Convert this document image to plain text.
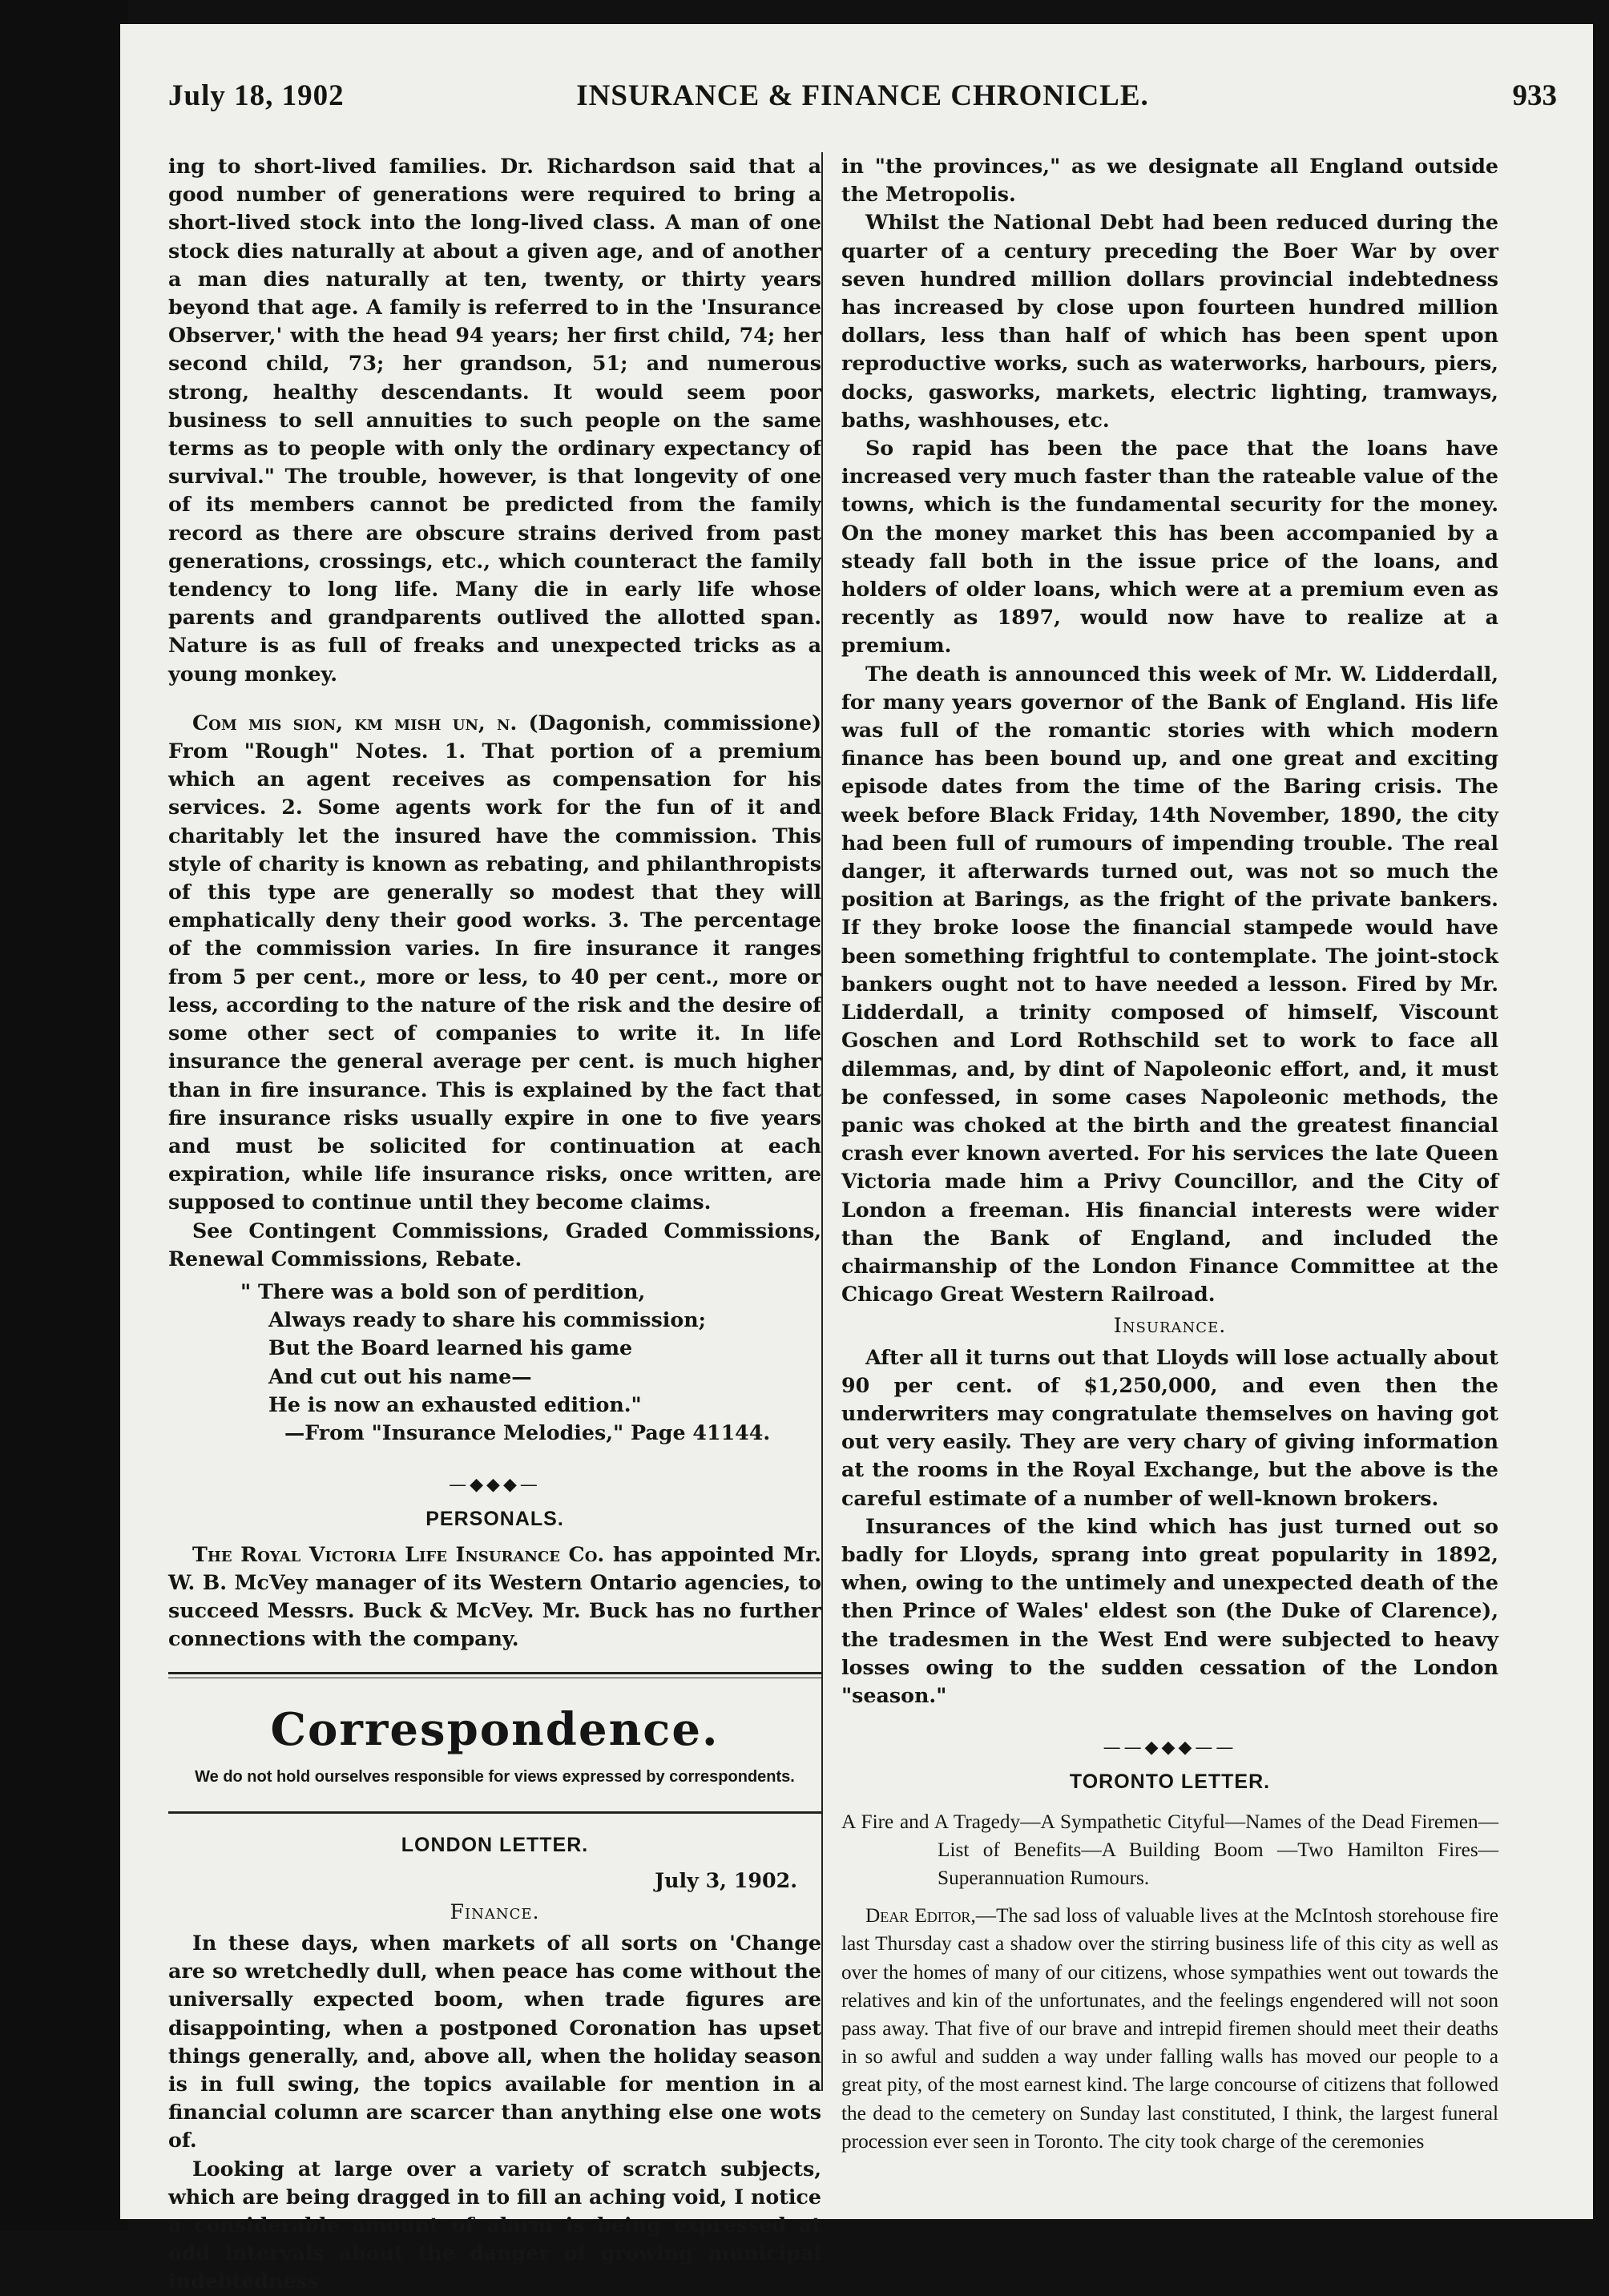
July 18, 1902	INSURANCE & FINANCE CHRONICLE.	933

ing to short-lived families. Dr. Richardson said that a good number of generations were required to bring a short-lived stock into the long-lived class. A man of one stock dies naturally at about a given age, and of another a man dies naturally at ten, twenty, or thirty years beyond that age. A family is referred to in the 'Insurance Observer,' with the head 94 years; her first child, 74; her second child, 73; her grandson, 51; and numerous strong, healthy descendants. It would seem poor business to sell annuities to such people on the same terms as to people with only the ordinary expectancy of survival." The trouble, however, is that longevity of one of its members cannot be predicted from the family record as there are obscure strains derived from past generations, crossings, etc., which counteract the family tendency to long life. Many die in early life whose parents and grandparents outlived the allotted span. Nature is as full of freaks and unexpected tricks as a young monkey.

Com mis sion, km mish un, n. (Dagonish, commissione) From "Rough" Notes. 1. That portion of a premium which an agent receives as compensation for his services. 2. Some agents work for the fun of it and charitably let the insured have the commission. This style of charity is known as rebating, and philanthropists of this type are generally so modest that they will emphatically deny their good works. 3. The percentage of the commission varies. In fire insurance it ranges from 5 per cent., more or less, to 40 per cent., more or less, according to the nature of the risk and the desire of some other sect of companies to write it. In life insurance the general average per cent. is much higher than in fire insurance. This is explained by the fact that fire insurance risks usually expire in one to five years and must be solicited for continuation at each expiration, while life insurance risks, once written, are supposed to continue until they become claims.

See Contingent Commissions, Graded Commissions, Renewal Commissions, Rebate.

" There was a bold son of perdition,
Always ready to share his commission;
But the Board learned his game
And cut out his name—
He is now an exhausted edition."
—From "Insurance Melodies," Page 41144.
—◆◆◆—
PERSONALS.

The Royal Victoria Life Insurance Co. has appointed Mr. W. B. McVey manager of its Western Ontario agencies, to succeed Messrs. Buck & McVey. Mr. Buck has no further connections with the company.

Correspondence.
We do not hold ourselves responsible for views expressed by correspondents.
LONDON LETTER.
July 3, 1902.
Finance.

In these days, when markets of all sorts on 'Change are so wretchedly dull, when peace has come without the universally expected boom, when trade figures are disappointing, when a postponed Coronation has upset things generally, and, above all, when the holiday season is in full swing, the topics available for mention in a financial column are scarcer than anything else one wots of.

Looking at large over a variety of scratch subjects, which are being dragged in to fill an aching void, I notice a considerable amount of alarm is being expressed at odd intervals about the danger of growing municipal indebtedness

in "the provinces," as we designate all England outside the Metropolis.

Whilst the National Debt had been reduced during the quarter of a century preceding the Boer War by over seven hundred million dollars provincial indebtedness has increased by close upon fourteen hundred million dollars, less than half of which has been spent upon reproductive works, such as waterworks, harbours, piers, docks, gasworks, markets, electric lighting, tramways, baths, washhouses, etc.

So rapid has been the pace that the loans have increased very much faster than the rateable value of the towns, which is the fundamental security for the money. On the money market this has been accompanied by a steady fall both in the issue price of the loans, and holders of older loans, which were at a premium even as recently as 1897, would now have to realize at a premium.

The death is announced this week of Mr. W. Lidderdall, for many years governor of the Bank of England. His life was full of the romantic stories with which modern finance has been bound up, and one great and exciting episode dates from the time of the Baring crisis. The week before Black Friday, 14th November, 1890, the city had been full of rumours of impending trouble. The real danger, it afterwards turned out, was not so much the position at Barings, as the fright of the private bankers. If they broke loose the financial stampede would have been something frightful to contemplate. The joint-stock bankers ought not to have needed a lesson. Fired by Mr. Lidderdall, a trinity composed of himself, Viscount Goschen and Lord Rothschild set to work to face all dilemmas, and, by dint of Napoleonic effort, and, it must be confessed, in some cases Napoleonic methods, the panic was choked at the birth and the greatest financial crash ever known averted. For his services the late Queen Victoria made him a Privy Councillor, and the City of London a freeman. His financial interests were wider than the Bank of England, and included the chairmanship of the London Finance Committee at the Chicago Great Western Railroad.

Insurance.

After all it turns out that Lloyds will lose actually about 90 per cent. of $1,250,000, and even then the underwriters may congratulate themselves on having got out very easily. They are very chary of giving information at the rooms in the Royal Exchange, but the above is the careful estimate of a number of well-known brokers.

Insurances of the kind which has just turned out so badly for Lloyds, sprang into great popularity in 1892, when, owing to the untimely and unexpected death of the then Prince of Wales' eldest son (the Duke of Clarence), the tradesmen in the West End were subjected to heavy losses owing to the sudden cessation of the London "season."

——◆◆◆——
TORONTO LETTER.

A Fire and A Tragedy—A Sympathetic Cityful—Names of the Dead Firemen—List of Benefits—A Building Boom —Two Hamilton Fires—Superannuation Rumours.

Dear Editor,—The sad loss of valuable lives at the McIntosh storehouse fire last Thursday cast a shadow over the stirring business life of this city as well as over the homes of many of our citizens, whose sympathies went out towards the relatives and kin of the unfortunates, and the feelings engendered will not soon pass away. That five of our brave and intrepid firemen should meet their deaths in so awful and sudden a way under falling walls has moved our people to a great pity, of the most earnest kind. The large concourse of citizens that followed the dead to the cemetery on Sunday last constituted, I think, the largest funeral procession ever seen in Toronto. The city took charge of the ceremonies
